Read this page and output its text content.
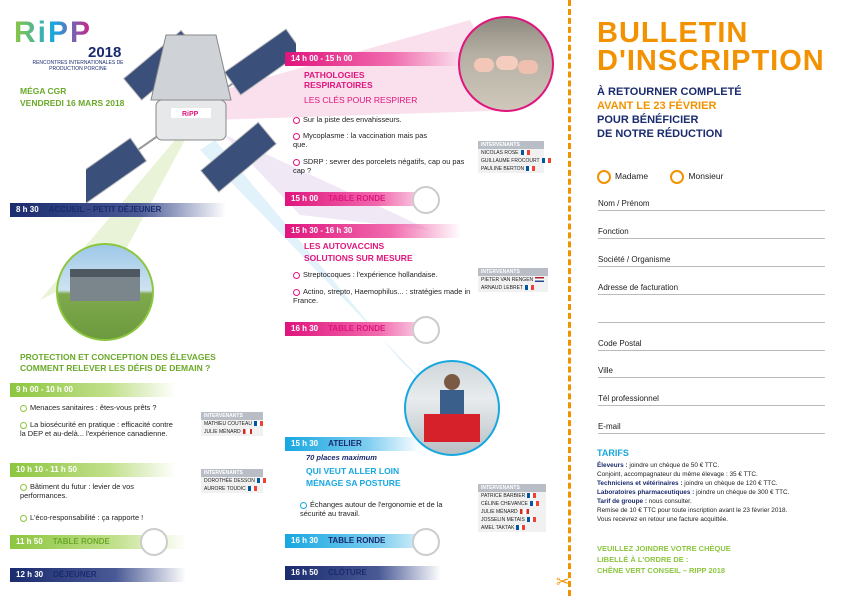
RiPP
2018
RENCONTRES INTERNATIONALES DE PRODUCTION PORCINE
MÉGA CGR
VENDREDI 16 MARS 2018
RiPP
8 h 30 ACCUEIL – PETIT DÉJEUNER
PROTECTION ET CONCEPTION DES ÉLEVAGES
COMMENT RELEVER LES DÉFIS DE DEMAIN ?
9 h 00 - 10 h 00
Menaces sanitaires : êtes-vous prêts ?
La biosécurité en pratique : efficacité contre la DEP et au-delà... l'expérience canadienne.
INTERVENANTS
MATHIEU COUTEAU
JULIE MÉNARD
10 h 10 - 11 h 50
Bâtiment du futur : levier de vos performances.
L'éco-responsabilité : ça rapporte !
INTERVENANTS
DOROTHÉE DESSON
AURORE TOUDIC
11 h 50 TABLE RONDE
12 h 30 DÉJEUNER
14 h 00 - 15 h 00
PATHOLOGIES RESPIRATOIRES
LES CLÉS POUR RESPIRER
Sur la piste des envahisseurs.
Mycoplasme : la vaccination mais pas que.
SDRP : sevrer des porcelets négatifs, cap ou pas cap ?
INTERVENANTS
NICOLAS ROSE
GUILLAUME FROCOURT
PAULINE BERTON
15 h 00 TABLE RONDE
15 h 30 - 16 h 30
LES AUTOVACCINS
SOLUTIONS SUR MESURE
Streptocoques : l'expérience hollandaise.
Actino, strepto, Haemophilus... : stratégies made in France.
INTERVENANTS
PIETER VAN RENGEN
ARNAUD LEBRET
16 h 30 TABLE RONDE
15 h 30 ATELIER
70 places maximum
QUI VEUT ALLER LOIN
MÉNAGE SA POSTURE
Échanges autour de l'ergonomie et de la sécurité au travail.
INTERVENANTS
PATRICE BARBIER
CÉLINE CHEVANCE
JULIE MÉNARD
JOSSELIN METAIS
AMEL TAKTAK
16 h 30 TABLE RONDE
16 h 50 CLÔTURE
✂
BULLETIN
D'INSCRIPTION
À RETOURNER COMPLETÉ
AVANT LE 23 FÉVRIER
POUR BÉNÉFICIER
DE NOTRE RÉDUCTION
Madame	Monsieur
Nom / Prénom
Fonction
Société / Organisme
Adresse de facturation
Code Postal
Ville
Tél professionnel
E-mail
TARIFS
Éleveurs : joindre un chèque de 50 € TTC.
Conjoint, accompagnateur du même élevage : 35 € TTC.
Techniciens et vétérinaires : joindre un chèque de 120 € TTC.
Laboratoires pharmaceutiques : joindre un chèque de 300 € TTC.
Tarif de groupe : nous consulter.
Remise de 10 € TTC pour toute inscription avant le 23 février 2018.
Vous recevrez en retour une facture acquittée.
VEUILLEZ JOINDRE VOTRE CHÈQUE
LIBELLÉ À L'ORDRE DE :
CHÊNE VERT CONSEIL – RIPP 2018
